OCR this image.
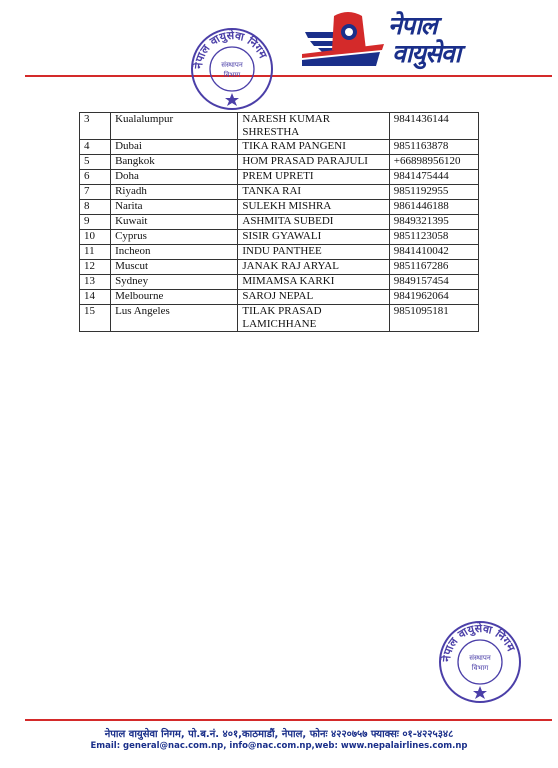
नेपाल
वायुसेवा
नेपाल वायुसेवा निगम
संस्थापन
विभाग
3	Kualalumpur	NARESH KUMAR SHRESTHA	9841436144
4	Dubai	TIKA RAM PANGENI	9851163878
5	Bangkok	HOM PRASAD PARAJULI	+66898956120
6	Doha	PREM UPRETI	9841475444
7	Riyadh	TANKA RAI	9851192955
8	Narita	SULEKH MISHRA	9861446188
9	Kuwait	ASHMITA SUBEDI	9849321395
10	Cyprus	SISIR GYAWALI	9851123058
11	Incheon	INDU PANTHEE	9841410042
12	Muscut	JANAK RAJ ARYAL	9851167286
13	Sydney	MIMAMSA KARKI	9849157454
14	Melbourne	SAROJ NEPAL	9841962064
15	Lus Angeles	TILAK PRASAD LAMICHHANE	9851095181
नेपाल वायुसेवा निगम
संस्थापन
विभाग
नेपाल वायुसेवा निगम, पो.ब.नं. ४०१,काठमाडौं, नेपाल, फोनः ४२२०७५७ फ्याक्सः ०१-४२२५३४८
Email: general@nac.com.np, info@nac.com.np,web: www.nepalairlines.com.np
